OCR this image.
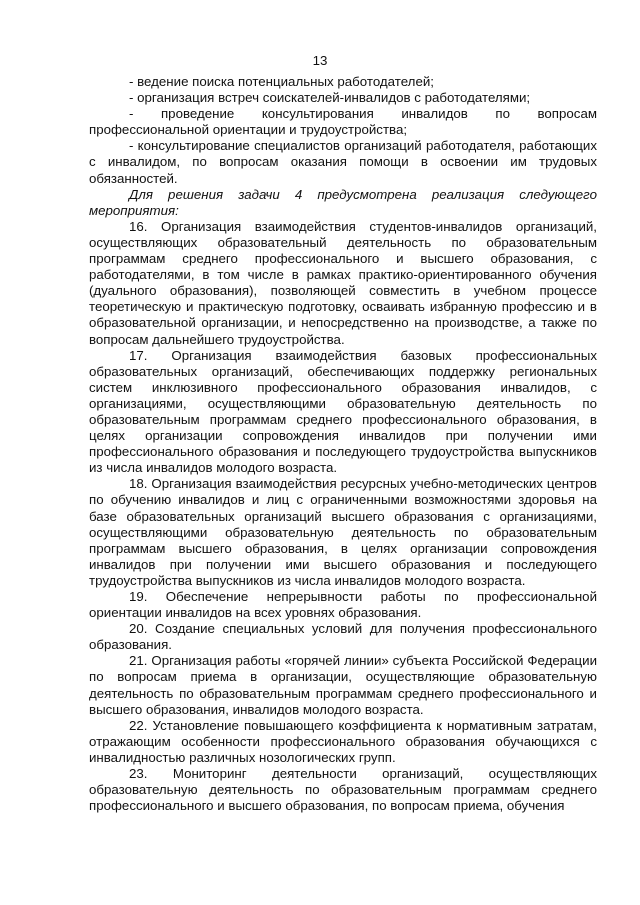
13

- ведение поиска потенциальных работодателей;

- организация встреч соискателей-инвалидов с работодателями;

- проведение консультирования инвалидов по вопросам профессиональной ориентации и трудоустройства;

- консультирование специалистов организаций работодателя, работающих с инвалидом, по вопросам оказания помощи в освоении им трудовых обязанностей.

Для решения задачи 4 предусмотрена реализация следующего мероприятия:

16. Организация взаимодействия студентов-инвалидов организаций, осуществляющих образовательный деятельность по образовательным программам среднего профессионального и высшего образования, с работодателями, в том числе в рамках практико-ориентированного обучения (дуального образования), позволяющей совместить в учебном процессе теоретическую и практическую подготовку, осваивать избранную профессию и в образовательной организации, и непосредственно на производстве, а также по вопросам дальнейшего трудоустройства.

17. Организация взаимодействия базовых профессиональных образовательных организаций, обеспечивающих поддержку региональных систем инклюзивного профессионального образования инвалидов, с организациями, осуществляющими образовательную деятельность по образовательным программам среднего профессионального образования, в целях организации сопровождения инвалидов при получении ими профессионального образования и последующего трудоустройства выпускников из числа инвалидов молодого возраста.

18. Организация взаимодействия ресурсных учебно-методических центров по обучению инвалидов и лиц с ограниченными возможностями здоровья на базе образовательных организаций высшего образования с организациями, осуществляющими образовательную деятельность по образовательным программам высшего образования, в целях организации сопровождения инвалидов при получении ими высшего образования и последующего трудоустройства выпускников из числа инвалидов молодого возраста.

19. Обеспечение непрерывности работы по профессиональной ориентации инвалидов на всех уровнях образования.

20. Создание специальных условий для получения профессионального образования.

21. Организация работы «горячей линии» субъекта Российской Федерации по вопросам приема в организации, осуществляющие образовательную деятельность по образовательным программам среднего профессионального и высшего образования, инвалидов молодого возраста.

22. Установление повышающего коэффициента к нормативным затратам, отражающим особенности профессионального образования обучающихся с инвалидностью различных нозологических групп.

23. Мониторинг деятельности организаций, осуществляющих образовательную деятельность по образовательным программам среднего профессионального и высшего образования, по вопросам приема, обучения
